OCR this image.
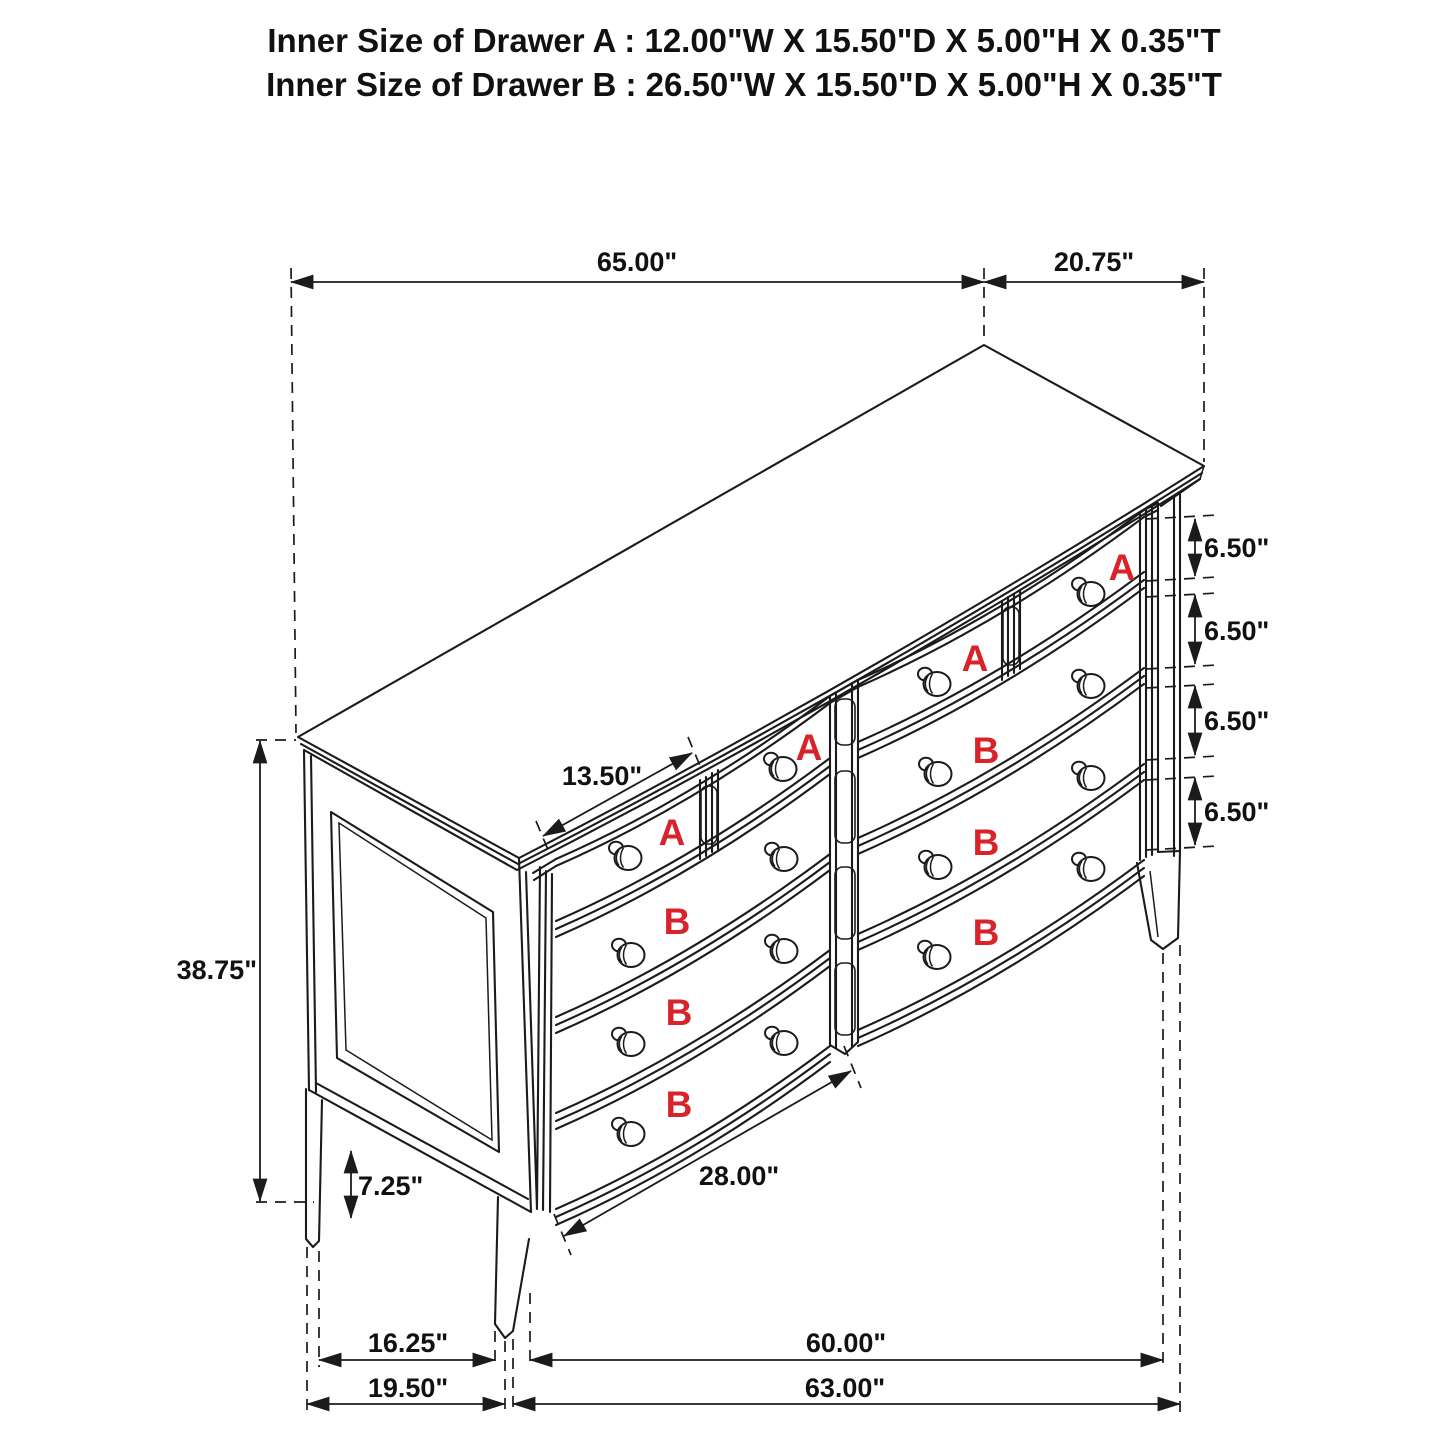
Inner Size of Drawer A : 12.00"W X 15.50"D X 5.00"H X 0.35"T
Inner Size of Drawer B : 26.50"W X 15.50"D X 5.00"H X 0.35"T
A
A
A
A
B
B
B
B
B
B
65.00"	20.75"
38.75"
6.50"
6.50"
6.50"
6.50"
13.50"
7.25"	28.00"
16.25"	60.00"
19.50"	63.00"
